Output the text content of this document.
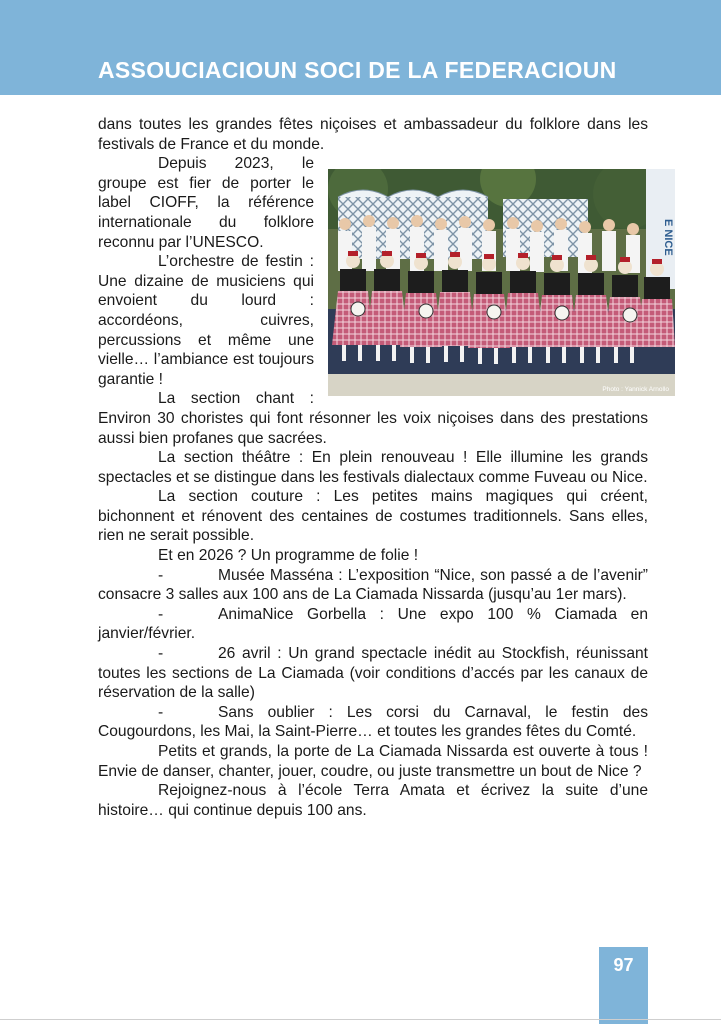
ASSOUCIACIOUN SOCI DE LA FEDERACIOUN

dans toutes les grandes fêtes niçoises et ambassadeur du folklore dans les festivals de France et du monde.

E NICE
Photo : Yannick Arnollo

Depuis 2023, le groupe est fier de porter le label CIOFF, la référence internationale du folklore reconnu par l’UNESCO.

L’orchestre de festin : Une dizaine de musiciens qui envoient du lourd : accordéons, cuivres, percussions et même une vielle… l’ambiance est toujours garantie !

La section chant : Environ 30 choristes qui font résonner les voix niçoises dans des prestations aussi bien profanes que sacrées.

La section théâtre : En plein renouveau ! Elle illumine les grands spectacles et se distingue dans les festivals dialectaux comme Fuveau ou Nice.

La section couture : Les petites mains magiques qui créent, bichonnent et rénovent des centaines de costumes traditionnels. Sans elles, rien ne serait possible.

Et en 2026 ? Un programme de folie !

-	Musée Masséna : L’exposition “Nice, son passé a de l’avenir” consacre 3 salles aux 100 ans de La Ciamada Nissarda (jusqu’au 1er mars).

-	AnimaNice Gorbella : Une expo 100 % Ciamada en janvier/février.

-	26 avril : Un grand spectacle inédit au Stockfish, réunissant toutes les sections de La Ciamada (voir conditions d’accés par les canaux de réservation de la salle)

-	Sans oublier : Les corsi du Carnaval, le festin des Cougourdons, les Mai, la Saint-Pierre… et toutes les grandes fêtes du Comté.

Petits et grands, la porte de La Ciamada Nissarda est ouverte à tous ! Envie de danser, chanter, jouer, coudre, ou juste transmettre un bout de Nice ?

Rejoignez-nous à l’école Terra Amata et écrivez la suite d’une histoire… qui continue depuis 100 ans.

97
